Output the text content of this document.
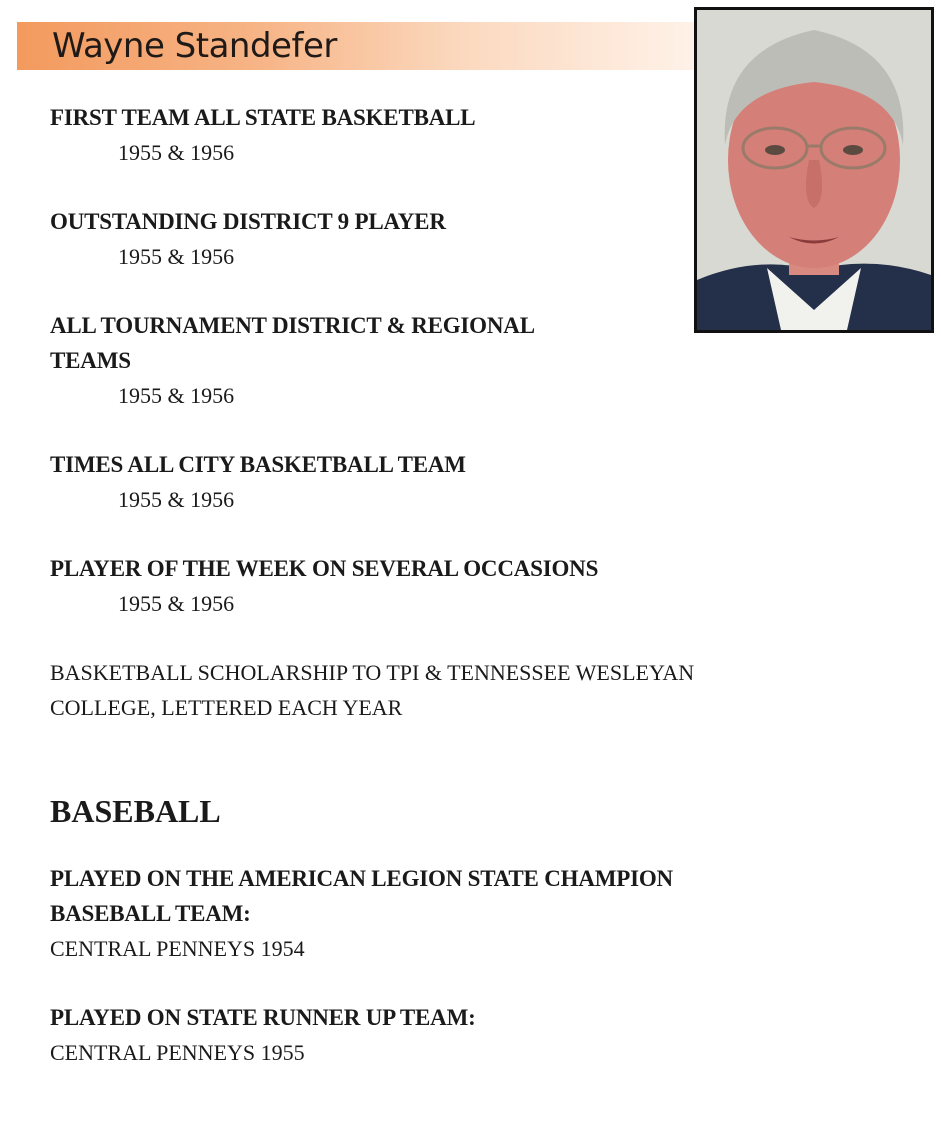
Wayne Standefer

FIRST TEAM ALL STATE BASKETBALL

1955 & 1956

OUTSTANDING DISTRICT 9 PLAYER

1955 & 1956

ALL TOURNAMENT DISTRICT & REGIONAL

TEAMS

1955 & 1956

TIMES ALL CITY BASKETBALL TEAM

1955 & 1956

PLAYER OF THE WEEK ON SEVERAL OCCASIONS

1955 & 1956

BASKETBALL SCHOLARSHIP TO TPI & TENNESSEE WESLEYAN

COLLEGE, LETTERED EACH YEAR

BASEBALL

PLAYED ON THE AMERICAN LEGION STATE CHAMPION

BASEBALL TEAM:

CENTRAL PENNEYS 1954

PLAYED ON STATE RUNNER UP TEAM:

CENTRAL PENNEYS 1955
